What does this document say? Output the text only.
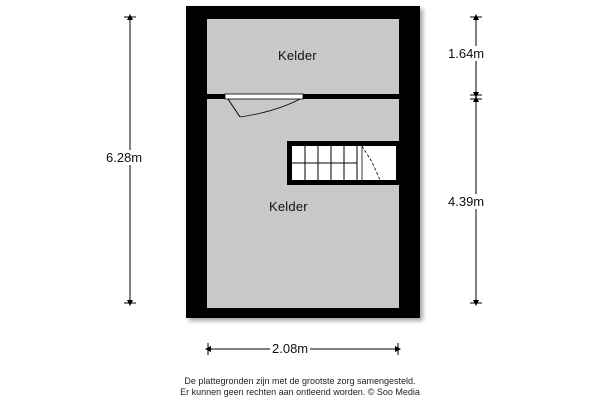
Kelder
Kelder
6.28m
1.64m
4.39m
2.08m
De plattegronden zijn met de grootste zorg samengesteld.
Er kunnen geen rechten aan ontleend worden. © Soo Media
